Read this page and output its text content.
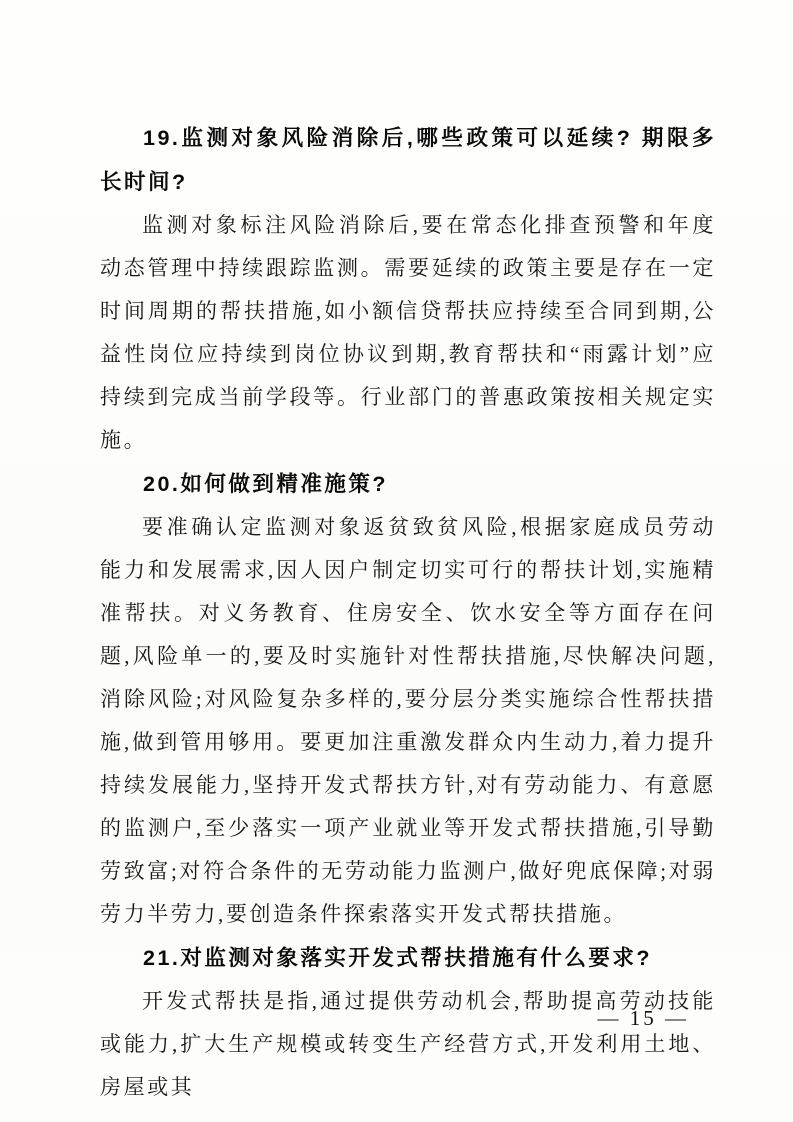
19.监测对象风险消除后,哪些政策可以延续? 期限多长时间?

监测对象标注风险消除后,要在常态化排查预警和年度动态管理中持续跟踪监测。需要延续的政策主要是存在一定时间周期的帮扶措施,如小额信贷帮扶应持续至合同到期,公益性岗位应持续到岗位协议到期,教育帮扶和“雨露计划”应持续到完成当前学段等。行业部门的普惠政策按相关规定实施。

20.如何做到精准施策?

要准确认定监测对象返贫致贫风险,根据家庭成员劳动能力和发展需求,因人因户制定切实可行的帮扶计划,实施精准帮扶。对义务教育、住房安全、饮水安全等方面存在问题,风险单一的,要及时实施针对性帮扶措施,尽快解决问题,消除风险;对风险复杂多样的,要分层分类实施综合性帮扶措施,做到管用够用。要更加注重激发群众内生动力,着力提升持续发展能力,坚持开发式帮扶方针,对有劳动能力、有意愿的监测户,至少落实一项产业就业等开发式帮扶措施,引导勤劳致富;对符合条件的无劳动能力监测户,做好兜底保障;对弱劳力半劳力,要创造条件探索落实开发式帮扶措施。

21.对监测对象落实开发式帮扶措施有什么要求?

开发式帮扶是指,通过提供劳动机会,帮助提高劳动技能或能力,扩大生产规模或转变生产经营方式,开发利用土地、房屋或其

— 15 —
